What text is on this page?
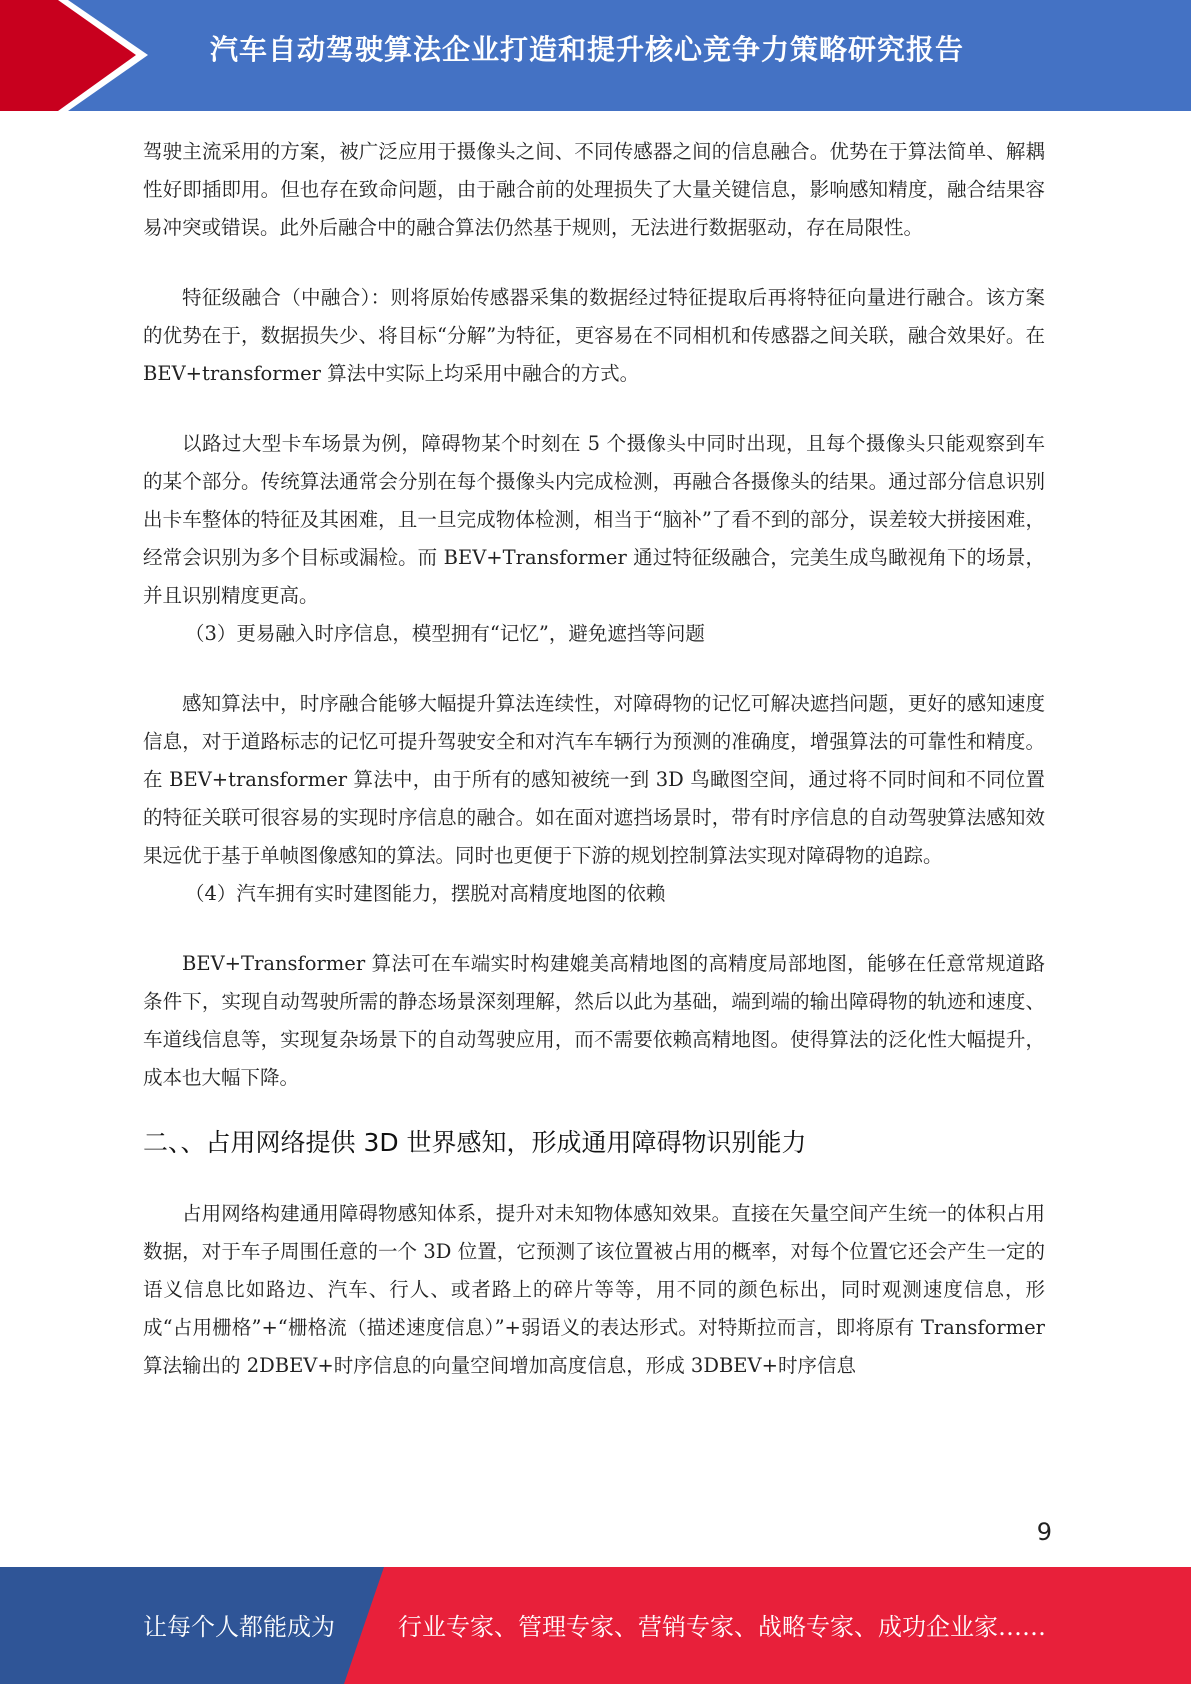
汽车自动驾驶算法企业打造和提升核心竞争力策略研究报告

驾驶主流采用的方案，被广泛应用于摄像头之间、不同传感器之间的信息融合。优势在于算法简单、解耦性好即插即用。但也存在致命问题，由于融合前的处理损失了大量关键信息，影响感知精度，融合结果容易冲突或错误。此外后融合中的融合算法仍然基于规则，无法进行数据驱动，存在局限性。

特征级融合（中融合）：则将原始传感器采集的数据经过特征提取后再将特征向量进行融合。该方案的优势在于，数据损失少、将目标“分解”为特征，更容易在不同相机和传感器之间关联，融合效果好。在 BEV+transformer 算法中实际上均采用中融合的方式。

以路过大型卡车场景为例，障碍物某个时刻在 5 个摄像头中同时出现，且每个摄像头只能观察到车的某个部分。传统算法通常会分别在每个摄像头内完成检测，再融合各摄像头的结果。通过部分信息识别出卡车整体的特征及其困难，且一旦完成物体检测，相当于“脑补”了看不到的部分，误差较大拼接困难，经常会识别为多个目标或漏检。而 BEV+Transformer 通过特征级融合，完美生成鸟瞰视角下的场景，并且识别精度更高。

（3）更易融入时序信息，模型拥有“记忆”，避免遮挡等问题

感知算法中，时序融合能够大幅提升算法连续性，对障碍物的记忆可解决遮挡问题，更好的感知速度信息，对于道路标志的记忆可提升驾驶安全和对汽车车辆行为预测的准确度，增强算法的可靠性和精度。在 BEV+transformer 算法中，由于所有的感知被统一到 3D 鸟瞰图空间，通过将不同时间和不同位置的特征关联可很容易的实现时序信息的融合。如在面对遮挡场景时，带有时序信息的自动驾驶算法感知效果远优于基于单帧图像感知的算法。同时也更便于下游的规划控制算法实现对障碍物的追踪。

（4）汽车拥有实时建图能力，摆脱对高精度地图的依赖

BEV+Transformer 算法可在车端实时构建媲美高精地图的高精度局部地图，能够在任意常规道路条件下，实现自动驾驶所需的静态场景深刻理解，然后以此为基础，端到端的输出障碍物的轨迹和速度、车道线信息等，实现复杂场景下的自动驾驶应用，而不需要依赖高精地图。使得算法的泛化性大幅提升，成本也大幅下降。

二、、占用网络提供 3D 世界感知，形成通用障碍物识别能力

占用网络构建通用障碍物感知体系，提升对未知物体感知效果。直接在矢量空间产生统一的体积占用数据，对于车子周围任意的一个 3D 位置，它预测了该位置被占用的概率，对每个位置它还会产生一定的语义信息比如路边、汽车、行人、或者路上的碎片等等，用不同的颜色标出，同时观测速度信息，形成“占用栅格”+“栅格流（描述速度信息）”+弱语义的表达形式。对特斯拉而言，即将原有 Transformer 算法输出的 2DBEV+时序信息的向量空间增加高度信息，形成 3DBEV+时序信息

9
让每个人都能成为	行业专家、管理专家、营销专家、战略专家、成功企业家……
